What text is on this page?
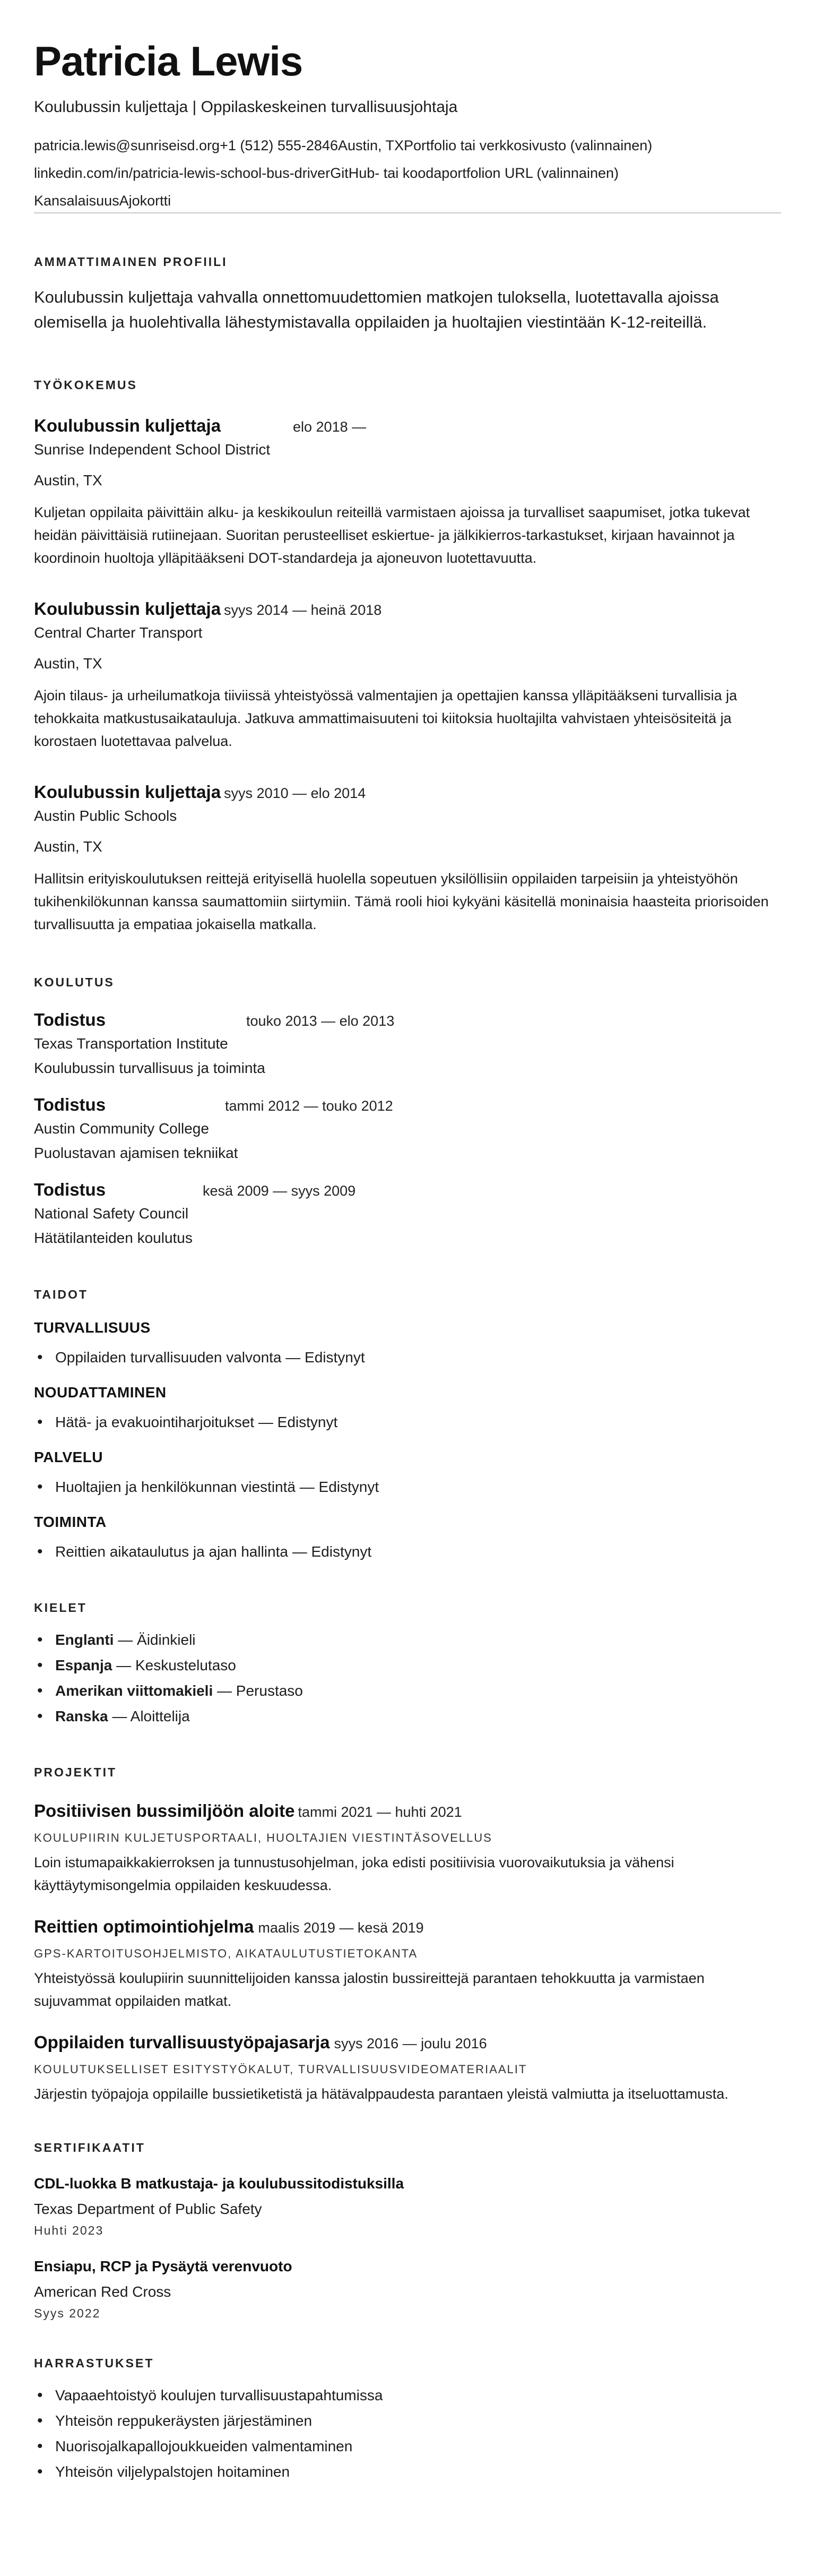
Patricia Lewis
Koulubussin kuljettaja | Oppilaskeskeinen turvallisuusjohtaja
patricia.lewis@sunriseisd.org+1 (512) 555-2846Austin, TXPortfolio tai verkkosivusto (valinnainen)
linkedin.com/in/patricia-lewis-school-bus-driverGitHub- tai koodaportfolion URL (valinnainen)
KansalaisuusAjokortti
AMMATTIMAINEN PROFIILI
Koulubussin kuljettaja vahvalla onnettomuudettomien matkojen tuloksella, luotettavalla ajoissa olemisella ja huolehtivalla lähestymistavalla oppilaiden ja huoltajien viestintään K-12-reiteillä.
TYÖKOKEMUS
Koulubussin kuljettaja	elo 2018 —
Sunrise Independent School District
Austin, TX
Kuljetan oppilaita päivittäin alku- ja keskikoulun reiteillä varmistaen ajoissa ja turvalliset saapumiset, jotka tukevat heidän päivittäisiä rutiinejaan. Suoritan perusteelliset eskiertue- ja jälkikierros-tarkastukset, kirjaan havainnot ja koordinoin huoltoja ylläpitääkseni DOT-standardeja ja ajoneuvon luotettavuutta.
Koulubussin kuljettaja syys 2014 — heinä 2018
Central Charter Transport
Austin, TX
Ajoin tilaus- ja urheilumatkoja tiiviissä yhteistyössä valmentajien ja opettajien kanssa ylläpitääkseni turvallisia ja tehokkaita matkustusaikatauluja. Jatkuva ammattimaisuuteni toi kiitoksia huoltajilta vahvistaen yhteisösiteitä ja korostaen luotettavaa palvelua.
Koulubussin kuljettaja syys 2010 — elo 2014
Austin Public Schools
Austin, TX
Hallitsin erityiskoulutuksen reittejä erityisellä huolella sopeutuen yksilöllisiin oppilaiden tarpeisiin ja yhteistyöhön tukihenkilökunnan kanssa saumattomiin siirtymiin. Tämä rooli hioi kykyäni käsitellä moninaisia haasteita priorisoiden turvallisuutta ja empatiaa jokaisella matkalla.
KOULUTUS
Todistus	touko 2013 — elo 2013
Texas Transportation Institute
Koulubussin turvallisuus ja toiminta
Todistus	tammi 2012 — touko 2012
Austin Community College
Puolustavan ajamisen tekniikat
Todistus	kesä 2009 — syys 2009
National Safety Council
Hätätilanteiden koulutus
TAIDOT
TURVALLISUUS
• Oppilaiden turvallisuuden valvonta — Edistynyt
NOUDATTAMINEN
• Hätä- ja evakuointiharjoitukset — Edistynyt
PALVELU
• Huoltajien ja henkilökunnan viestintä — Edistynyt
TOIMINTA
• Reittien aikataulutus ja ajan hallinta — Edistynyt
KIELET
• Englanti — Äidinkieli
• Espanja — Keskustelutaso
• Amerikan viittomakieli — Perustaso
• Ranska — Aloittelija
PROJEKTIT
Positiivisen bussimiljöön aloite tammi 2021 — huhti 2021
KOULUPIIRIN KULJETUSPORTAALI, HUOLTAJIEN VIESTINTÄSOVELLUS
Loin istumapaikkakierroksen ja tunnustusohjelman, joka edisti positiivisia vuorovaikutuksia ja vähensi käyttäytymisongelmia oppilaiden keskuudessa.
Reittien optimointiohjelma maalis 2019 — kesä 2019
GPS-KARTOITUSOHJELMISTO, AIKATAULUTUSTIETOKANTA
Yhteistyössä koulupiirin suunnittelijoiden kanssa jalostin bussireittejä parantaen tehokkuutta ja varmistaen sujuvammat oppilaiden matkat.
Oppilaiden turvallisuustyöpajasarja syys 2016 — joulu 2016
KOULUTUKSELLISET ESITYSTYÖKALUT, TURVALLISUUSVIDEOMATERIAALIT
Järjestin työpajoja oppilaille bussietiketistä ja hätävalppaudesta parantaen yleistä valmiutta ja itseluottamusta.
SERTIFIKAATIT
CDL-luokka B matkustaja- ja koulubussitodistuksilla
Texas Department of Public Safety
Huhti 2023
Ensiapu, RCP ja Pysäytä verenvuoto
American Red Cross
Syys 2022
HARRASTUKSET
• Vapaaehtoistyö koulujen turvallisuustapahtumissa
• Yhteisön reppukeräysten järjestäminen
• Nuorisojalkapallojoukkueiden valmentaminen
• Yhteisön viljelypalstojen hoitaminen
